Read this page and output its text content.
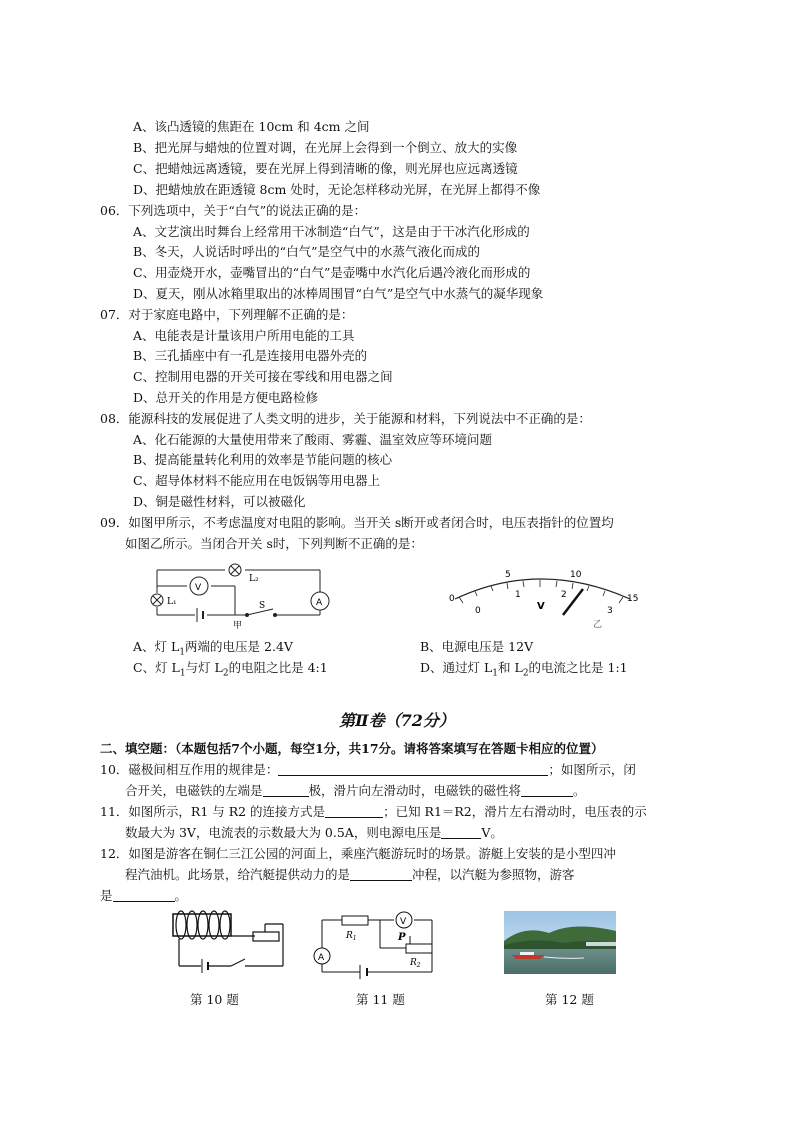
A、该凸透镜的焦距在 10cm 和 4cm 之间
B、把光屏与蜡烛的位置对调，在光屏上会得到一个倒立、放大的实像
C、把蜡烛远离透镜，要在光屏上得到清晰的像，则光屏也应远离透镜
D、把蜡烛放在距透镜 8cm 处时，无论怎样移动光屏，在光屏上都得不像
06．下列选项中，关于“白气”的说法正确的是：
A、文艺演出时舞台上经常用干冰制造“白气”，这是由于干冰汽化形成的
B、冬天，人说话时呼出的“白气”是空气中的水蒸气液化而成的
C、用壶烧开水，壶嘴冒出的“白气”是壶嘴中水汽化后遇冷液化而形成的
D、夏天，刚从冰箱里取出的冰棒周围冒“白气”是空气中水蒸气的凝华现象
07．对于家庭电路中，下列理解不正确的是：
A、电能表是计量该用户所用电能的工具
B、三孔插座中有一孔是连接用电器外壳的
C、控制用电器的开关可接在零线和用电器之间
D、总开关的作用是方便电路检修
08．能源科技的发展促进了人类文明的进步，关于能源和材料，下列说法中不正确的是：
A、化石能源的大量使用带来了酸雨、雾霾、温室效应等环境问题
B、提高能量转化利用的效率是节能问题的核心
C、超导体材料不能应用在电饭锅等用电器上
D、铜是磁性材料，可以被磁化
09．如图甲所示，不考虑温度对电阻的影响。当开关 s断开或者闭合时，电压表指针的位置均
如图乙所示。当闭合开关 s时，下列判断不正确的是：
L₂
L₁
V
A
S
甲
5	10
0	15
0
1	2
3
V
乙
A、灯 $L_1$两端的电压是 2.4V	B、电源电压是 12V
C、灯 $L_1$与灯 $L_2$的电阻之比是 4:1	D、通过灯 $L_1$和 $L_2$的电流之比是 1:1
第Ⅱ卷（72分）
二、填空题：（本题包括7个小题，每空1分，共17分。请将答案填写在答题卡相应的位置）
10．磁极间相互作用的规律是：	；如图所示，闭
合开关，电磁铁的左端是	极，滑片向左滑动时，电磁铁的磁性将	。
11．如图所示，R1 与 R2 的连接方式是	；已知 R1＝R2，滑片左右滑动时，电压表的示
数最大为 3V，电流表的示数最大为 0.5A，则电源电压是	V。
12．如图是游客在铜仁三江公园的河面上，乘座汽艇游玩时的场景。游艇上安装的是小型四冲
程汽油机。此场景，给汽艇提供动力的是	冲程，以汽艇为参照物，游客
是	。
A
V
$R_1$	P
$R_2$
第 10 题	第 11 题	第 12 题
